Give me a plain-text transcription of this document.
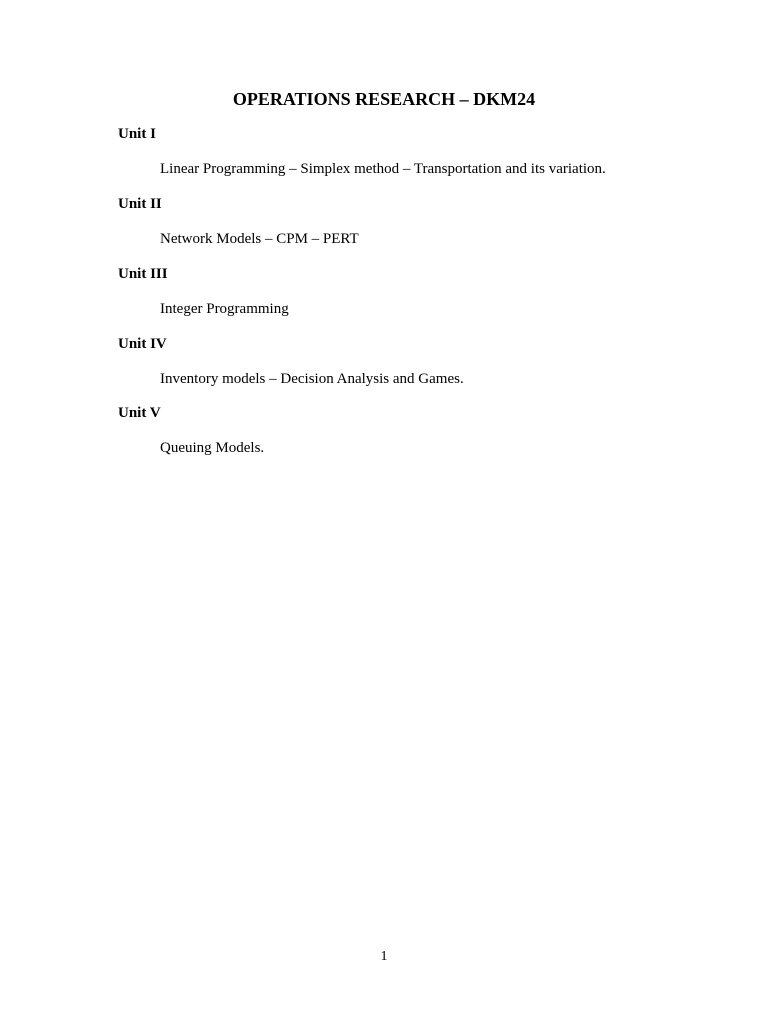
OPERATIONS RESEARCH – DKM24

Unit I

Linear Programming – Simplex method – Transportation and its variation.

Unit II

Network Models – CPM – PERT

Unit III

Integer Programming

Unit IV

Inventory models – Decision Analysis and Games.

Unit V

Queuing Models.

1
